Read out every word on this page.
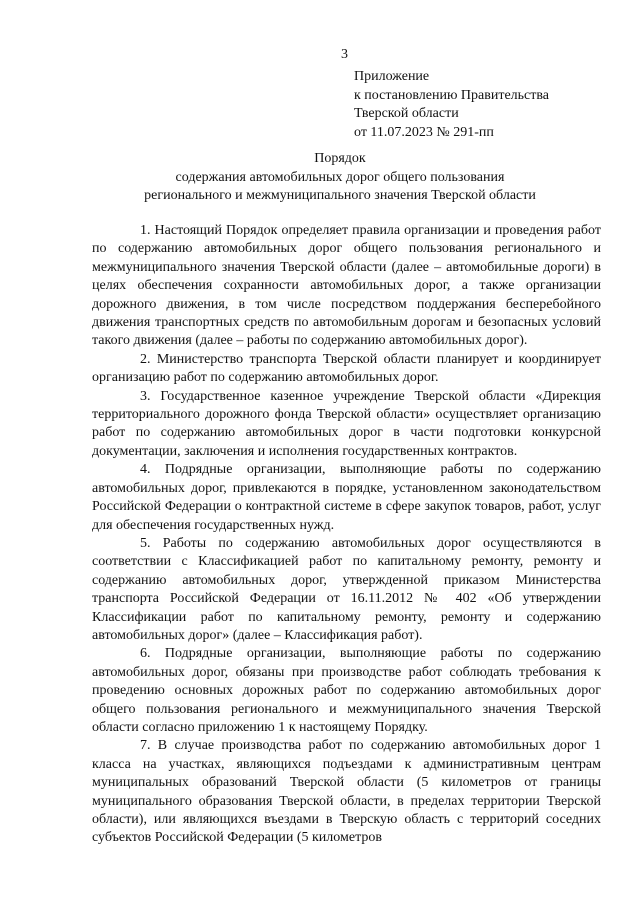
3
Приложение
к постановлению Правительства
Тверской области
от 11.07.2023 № 291-пп
Порядок
содержания автомобильных дорог общего пользования
регионального и межмуниципального значения Тверской области

1. Настоящий Порядок определяет правила организации и проведения работ по содержанию автомобильных дорог общего пользования регионального и межмуниципального значения Тверской области (далее – автомобильные дороги) в целях обеспечения сохранности автомобильных дорог, а также организации дорожного движения, в том числе посредством поддержания бесперебойного движения транспортных средств по автомобильным дорогам и безопасных условий такого движения (далее – работы по содержанию автомобильных дорог).

2. Министерство транспорта Тверской области планирует и координирует организацию работ по содержанию автомобильных дорог.

3. Государственное казенное учреждение Тверской области «Дирекция территориального дорожного фонда Тверской области» осуществляет организацию работ по содержанию автомобильных дорог в части подготовки конкурсной документации, заключения и исполнения государственных контрактов.

4. Подрядные организации, выполняющие работы по содержанию автомобильных дорог, привлекаются в порядке, установленном законодательством Российской Федерации о контрактной системе в сфере закупок товаров, работ, услуг для обеспечения государственных нужд.

5. Работы по содержанию автомобильных дорог осуществляются в соответствии с Классификацией работ по капитальному ремонту, ремонту и содержанию автомобильных дорог, утвержденной приказом Министерства транспорта Российской Федерации от 16.11.2012 № 402 «Об утверждении Классификации работ по капитальному ремонту, ремонту и содержанию автомобильных дорог» (далее – Классификация работ).

6. Подрядные организации, выполняющие работы по содержанию автомобильных дорог, обязаны при производстве работ соблюдать требования к проведению основных дорожных работ по содержанию автомобильных дорог общего пользования регионального и межмуниципального значения Тверской области согласно приложению 1 к настоящему Порядку.

7. В случае производства работ по содержанию автомобильных дорог 1 класса на участках, являющихся подъездами к административным центрам муниципальных образований Тверской области (5 километров от границы муниципального образования Тверской области, в пределах территории Тверской области), или являющихся въездами в Тверскую область с территорий соседних субъектов Российской Федерации (5 километров
